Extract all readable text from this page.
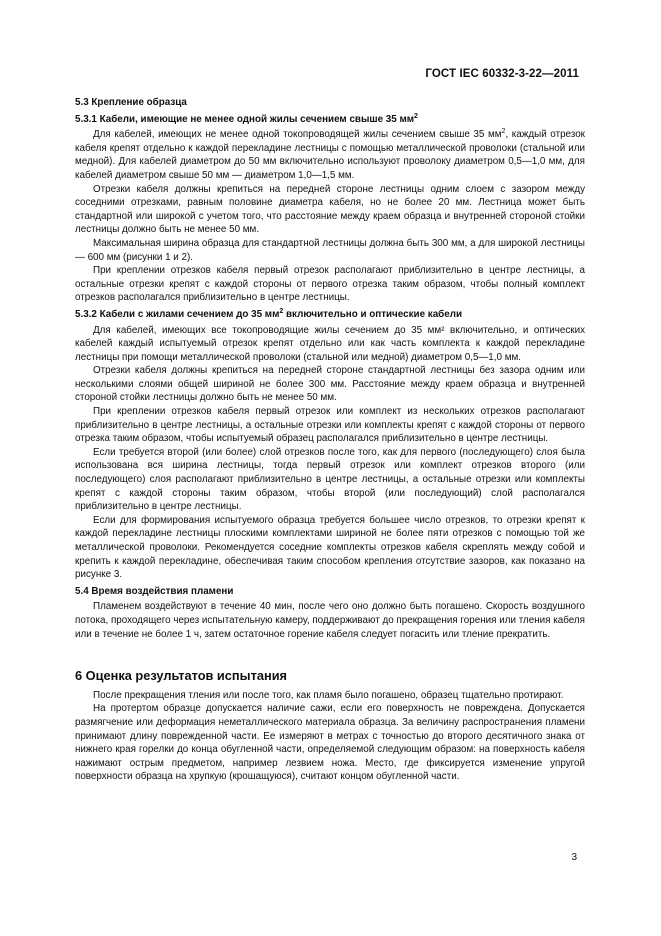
ГОСТ IEC 60332-3-22—2011
5.3 Крепление образца
5.3.1 Кабели, имеющие не менее одной жилы сечением свыше 35 $мм^2$

Для кабелей, имеющих не менее одной токопроводящей жилы сечением свыше 35 $мм^2$, каждый отрезок кабеля крепят отдельно к каждой перекладине лестницы с помощью металлической проволоки (стальной или медной). Для кабелей диаметром до 50 мм включительно используют проволоку диаметром 0,5—1,0 мм, для кабелей диаметром свыше 50 мм — диаметром 1,0—1,5 мм.

Отрезки кабеля должны крепиться на передней стороне лестницы одним слоем с зазором между соседними отрезками, равным половине диаметра кабеля, но не более 20 мм. Лестница может быть стандартной или широкой с учетом того, что расстояние между краем образца и внутренней стороной стойки лестницы должно быть не менее 50 мм.

Максимальная ширина образца для стандартной лестницы должна быть 300 мм, а для широкой лестницы — 600 мм (рисунки 1 и 2).

При креплении отрезков кабеля первый отрезок располагают приблизительно в центре лестницы, а остальные отрезки крепят с каждой стороны от первого отрезка таким образом, чтобы полный комплект отрезков располагался приблизительно в центре лестницы.

5.3.2 Кабели с жилами сечением до 35 $мм^2$ включительно и оптические кабели

Для кабелей, имеющих все токопроводящие жилы сечением до 35 мм² включительно, и оптических кабелей каждый испытуемый отрезок крепят отдельно или как часть комплекта к каждой перекладине лестницы при помощи металлической проволоки (стальной или медной) диаметром 0,5—1,0 мм.

Отрезки кабеля должны крепиться на передней стороне стандартной лестницы без зазора одним или несколькими слоями общей шириной не более 300 мм. Расстояние между краем образца и внутренней стороной стойки лестницы должно быть не менее 50 мм.

При креплении отрезков кабеля первый отрезок или комплект из нескольких отрезков располагают приблизительно в центре лестницы, а остальные отрезки или комплекты крепят с каждой стороны от первого отрезка таким образом, чтобы испытуемый образец располагался приблизительно в центре лестницы.

Если требуется второй (или более) слой отрезков после того, как для первого (последующего) слоя была использована вся ширина лестницы, тогда первый отрезок или комплект отрезков второго (или последующего) слоя располагают приблизительно в центре лестницы, а остальные отрезки или комплекты крепят с каждой стороны таким образом, чтобы второй (или последующий) слой располагался приблизительно в центре лестницы.

Если для формирования испытуемого образца требуется большее число отрезков, то отрезки крепят к каждой перекладине лестницы плоскими комплектами шириной не более пяти отрезков с помощью той же металлической проволоки. Рекомендуется соседние комплекты отрезков кабеля скреплять между собой и крепить к каждой перекладине, обеспечивая таким способом крепления отсутствие зазоров, как показано на рисунке 3.

5.4 Время воздействия пламени

Пламенем воздействуют в течение 40 мин, после чего оно должно быть погашено. Скорость воздушного потока, проходящего через испытательную камеру, поддерживают до прекращения горения или тления кабеля или в течение не более 1 ч, затем остаточное горение кабеля следует погасить или тление прекратить.

6 Оценка результатов испытания

После прекращения тления или после того, как пламя было погашено, образец тщательно протирают.

На протертом образце допускается наличие сажи, если его поверхность не повреждена. Допускается размягчение или деформация неметаллического материала образца. За величину распространения пламени принимают длину поврежденной части. Ее измеряют в метрах с точностью до второго десятичного знака от нижнего края горелки до конца обугленной части, определяемой следующим образом: на поверхность кабеля нажимают острым предметом, например лезвием ножа. Место, где фиксируется изменение упругой поверхности образца на хрупкую (крошащуюся), считают концом обугленной части.

3
